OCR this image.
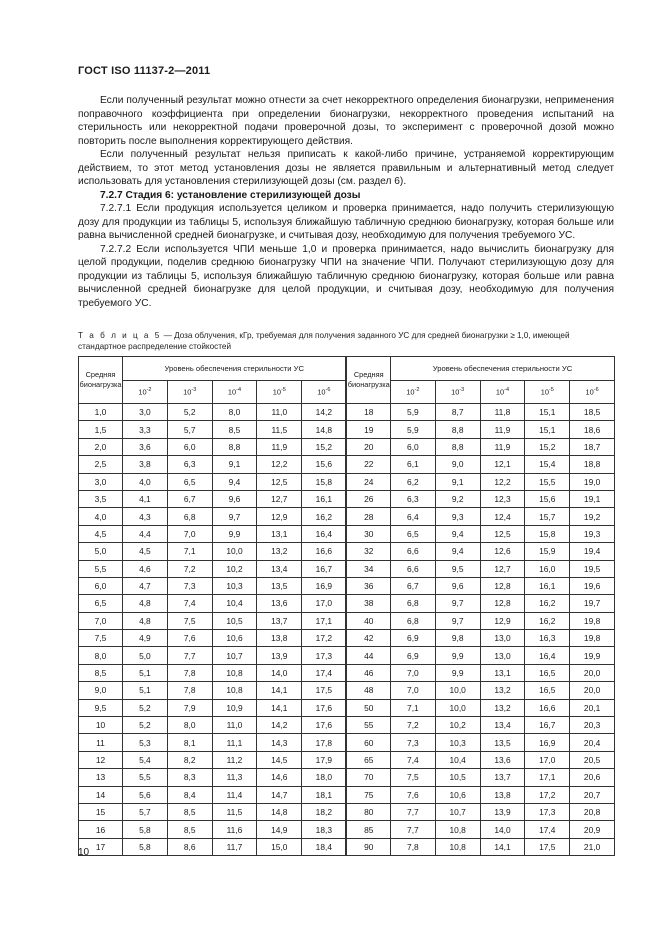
ГОСТ ISO 11137-2—2011

Если полученный результат можно отнести за счет некорректного определения бионагрузки, неприменения поправочного коэффициента при определении бионагрузки, некорректного проведения испытаний на стерильность или некорректной подачи проверочной дозы, то эксперимент с проверочной дозой можно повторить после выполнения корректирующего действия.

Если полученный результат нельзя приписать к какой-либо причине, устраняемой корректирующим действием, то этот метод установления дозы не является правильным и альтернативный метод следует использовать для установления стерилизующей дозы (см. раздел 6).

7.2.7 Стадия 6: установление стерилизующей дозы

7.2.7.1 Если продукция используется целиком и проверка принимается, надо получить стерилизующую дозу для продукции из таблицы 5, используя ближайшую табличную среднюю бионагрузку, которая больше или равна вычисленной средней бионагрузке, и считывая дозу, необходимую для получения требуемого УС.

7.2.7.2 Если используется ЧПИ меньше 1,0 и проверка принимается, надо вычислить бионагрузку для целой продукции, поделив среднюю бионагрузку ЧПИ на значение ЧПИ. Получают стерилизующую дозу для продукции из таблицы 5, используя ближайшую табличную среднюю бионагрузку, которая больше или равна вычисленной средней бионагрузке для целой продукции, и считывая дозу, необходимую для получения требуемого УС.

Т а б л и ц а 5 — Доза облучения, кГр, требуемая для получения заданного УС для средней бионагрузки ≥ 1,0, имеющей стандартное распределение стойкостей
Средняя бионагрузка	Уровень обеспечения стерильности УС					Средняя бионагрузка	Уровень обеспечения стерильности УС				
	$10^{-2}$	$10^{-3}$	$10^{-4}$	$10^{-5}$	$10^{-6}$		$10^{-2}$	$10^{-3}$	$10^{-4}$	$10^{-5}$	$10^{-6}$
1,0	3,0	5,2	8,0	11,0	14,2	18	5,9	8,7	11,8	15,1	18,5
1,5	3,3	5,7	8,5	11,5	14,8	19	5,9	8,8	11,9	15,1	18,6
2,0	3,6	6,0	8,8	11,9	15,2	20	6,0	8,8	11,9	15,2	18,7
2,5	3,8	6,3	9,1	12,2	15,6	22	6,1	9,0	12,1	15,4	18,8
3,0	4,0	6,5	9,4	12,5	15,8	24	6,2	9,1	12,2	15,5	19,0
3,5	4,1	6,7	9,6	12,7	16,1	26	6,3	9,2	12,3	15,6	19,1
4,0	4,3	6,8	9,7	12,9	16,2	28	6,4	9,3	12,4	15,7	19,2
4,5	4,4	7,0	9,9	13,1	16,4	30	6,5	9,4	12,5	15,8	19,3
5,0	4,5	7,1	10,0	13,2	16,6	32	6,6	9,4	12,6	15,9	19,4
5,5	4,6	7,2	10,2	13,4	16,7	34	6,6	9,5	12,7	16,0	19,5
6,0	4,7	7,3	10,3	13,5	16,9	36	6,7	9,6	12,8	16,1	19,6
6,5	4,8	7,4	10,4	13,6	17,0	38	6,8	9,7	12,8	16,2	19,7
7,0	4,8	7,5	10,5	13,7	17,1	40	6,8	9,7	12,9	16,2	19,8
7,5	4,9	7,6	10,6	13,8	17,2	42	6,9	9,8	13,0	16,3	19,8
8,0	5,0	7,7	10,7	13,9	17,3	44	6,9	9,9	13,0	16,4	19,9
8,5	5,1	7,8	10,8	14,0	17,4	46	7,0	9,9	13,1	16,5	20,0
9,0	5,1	7,8	10,8	14,1	17,5	48	7,0	10,0	13,2	16,5	20,0
9,5	5,2	7,9	10,9	14,1	17,6	50	7,1	10,0	13,2	16,6	20,1
10	5,2	8,0	11,0	14,2	17,6	55	7,2	10,2	13,4	16,7	20,3
11	5,3	8,1	11,1	14,3	17,8	60	7,3	10,3	13,5	16,9	20,4
12	5,4	8,2	11,2	14,5	17,9	65	7,4	10,4	13,6	17,0	20,5
13	5,5	8,3	11,3	14,6	18,0	70	7,5	10,5	13,7	17,1	20,6
14	5,6	8,4	11,4	14,7	18,1	75	7,6	10,6	13,8	17,2	20,7
15	5,7	8,5	11,5	14,8	18,2	80	7,7	10,7	13,9	17,3	20,8
16	5,8	8,5	11,6	14,9	18,3	85	7,7	10,8	14,0	17,4	20,9
17	5,8	8,6	11,7	15,0	18,4	90	7,8	10,8	14,1	17,5	21,0
10
